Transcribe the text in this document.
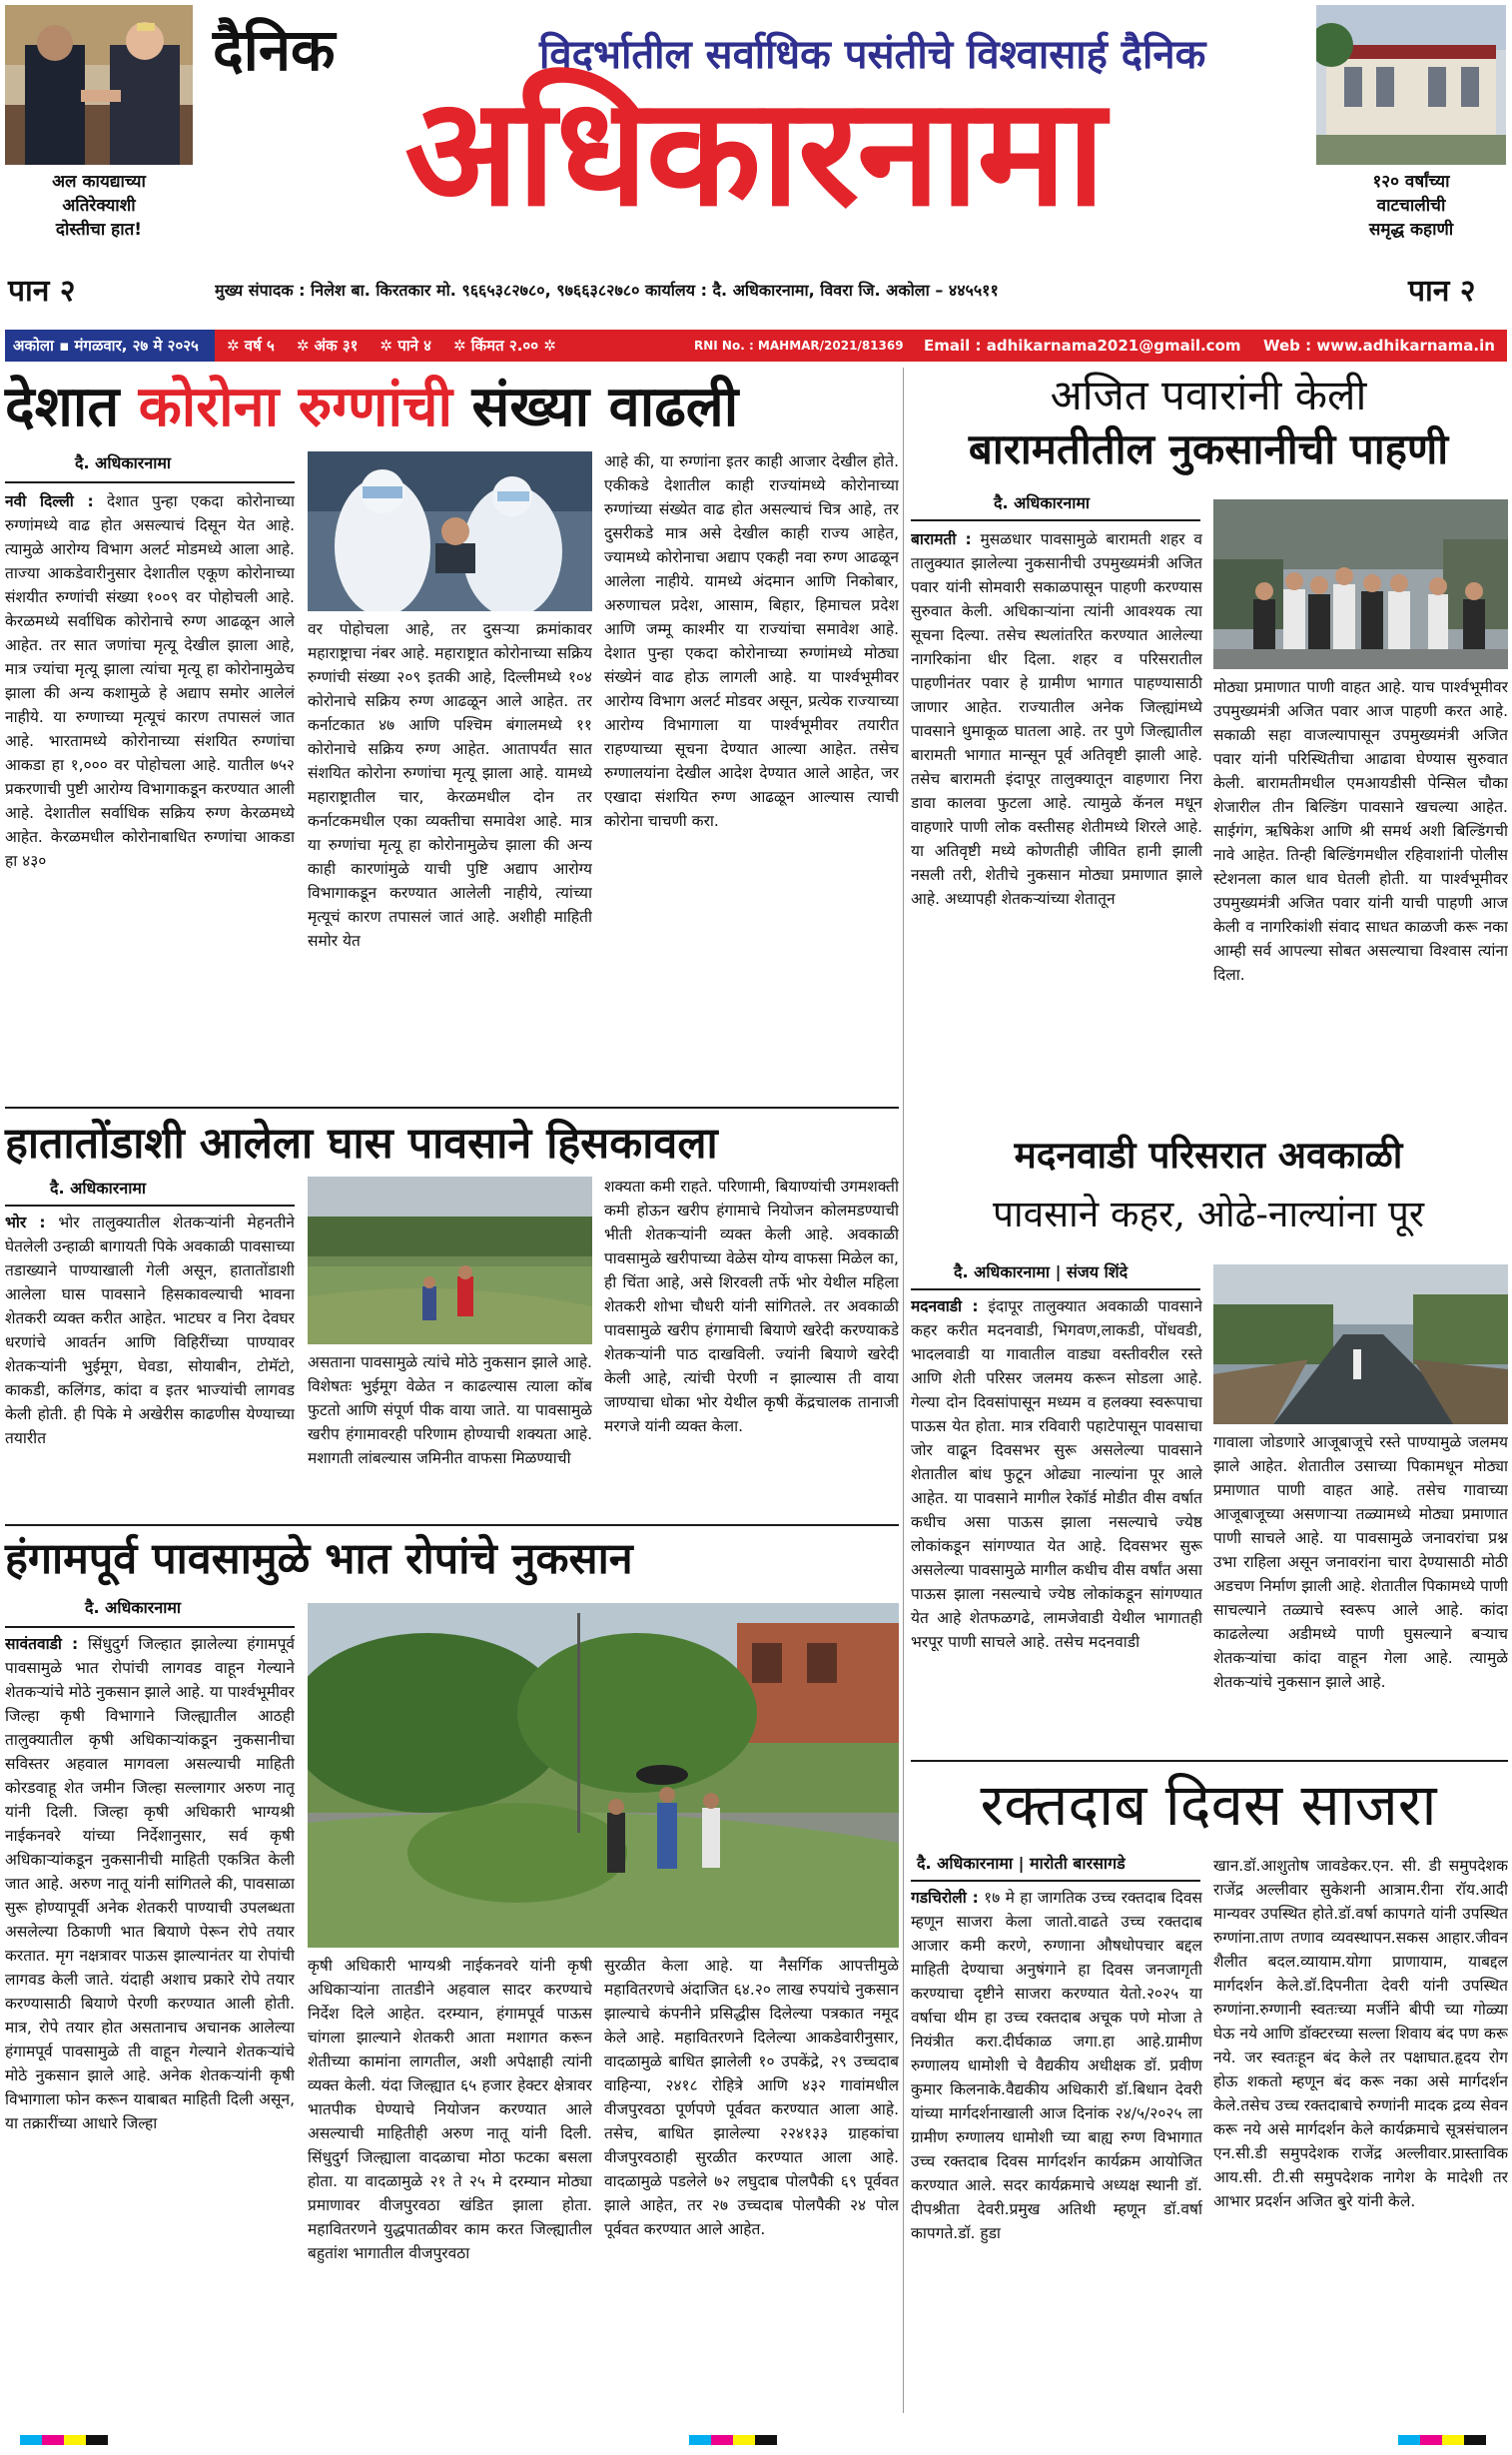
अल कायद्याच्या
अतिरेक्याशी
दोस्तीचा हात!
दैनिक	विदर्भातील सर्वाधिक पसंतीचे विश्वासार्ह दैनिक
अधिकारनामा	१२० वर्षांच्या
वाटचालीची
समृद्ध कहाणी
पान २	मुख्य संपादक : निलेश बा. किरतकार मो. ९६६५३८२७८०, ९७६६३८२७८० कार्यालय : दै. अधिकारनामा, विवरा जि. अकोला – ४४५५११	पान २
अकोला ▪ मंगळवार, २७ मे २०२५	✲ वर्ष ५ ✲ अंक ३१ ✲ पाने ४ ✲ किंमत २.०० ✲	RNI No. : MAHMAR/2021/81369 Email : adhikarnama2021@gmail.com Web : www.adhikarnama.in
देशात कोरोना रुग्णांची संख्या वाढली
दै. अधिकारनामा

नवी दिल्ली : देशात पुन्हा एकदा कोरोनाच्या रुग्णांमध्ये वाढ होत असल्याचं दिसून येत आहे. त्यामुळे आरोग्य विभाग अलर्ट मोडमध्ये आला आहे. ताज्या आकडेवारीनुसार देशातील एकूण कोरोनाच्या संशयीत रुग्णांची संख्या १००९ वर पोहोचली आहे. केरळमध्ये सर्वाधिक कोरोनाचे रुग्ण आढळून आले आहेत. तर सात जणांचा मृत्यू देखील झाला आहे, मात्र ज्यांचा मृत्यू झाला त्यांचा मृत्यू हा कोरोनामुळेच झाला की अन्य कशामुळे हे अद्याप समोर आलेलं नाहीये. या रुग्णाच्या मृत्यूचं कारण तपासलं जात आहे. भारतामध्ये कोरोनाच्या संशयित रुग्णांचा आकडा हा १,००० वर पोहोचला आहे. यातील ७५२ प्रकरणाची पुष्टी आरोग्य विभागाकडून करण्यात आली आहे. देशातील सर्वाधिक सक्रिय रुग्ण केरळमध्ये आहेत. केरळमधील कोरोनाबाधित रुग्णांचा आकडा हा ४३०

वर पोहोचला आहे, तर दुसऱ्या क्रमांकावर महाराष्ट्राचा नंबर आहे. महाराष्ट्रात कोरोनाच्या सक्रिय रुग्णांची संख्या २०९ इतकी आहे, दिल्लीमध्ये १०४ कोरोनाचे सक्रिय रुग्ण आढळून आले आहेत. तर कर्नाटकात ४७ आणि पश्चिम बंगालमध्ये ११ कोरोनाचे सक्रिय रुग्ण आहेत. आतापर्यंत सात संशयित कोरोना रुग्णांचा मृत्यू झाला आहे. यामध्ये महाराष्ट्रातील चार, केरळमधील दोन तर कर्नाटकमधील एका व्यक्तीचा समावेश आहे. मात्र या रुग्णांचा मृत्यू हा कोरोनामुळेच झाला की अन्य काही कारणांमुळे याची पुष्टि अद्याप आरोग्य विभागाकडून करण्यात आलेली नाहीये, त्यांच्या मृत्यूचं कारण तपासलं जातं आहे. अशीही माहिती समोर येत
आहे की, या रुग्णांना इतर काही आजार देखील होते. एकीकडे देशातील काही राज्यांमध्ये कोरोनाच्या रुग्णांच्या संख्येत वाढ होत असल्याचं चित्र आहे, तर दुसरीकडे मात्र असे देखील काही राज्य आहेत, ज्यामध्ये कोरोनाचा अद्याप एकही नवा रुग्ण आढळून आलेला नाहीये. यामध्ये अंदमान आणि निकोबार, अरुणाचल प्रदेश, आसाम, बिहार, हिमाचल प्रदेश आणि जम्मू काश्मीर या राज्यांचा समावेश आहे. देशात पुन्हा एकदा कोरोनाच्या रुग्णांमध्ये मोठ्या संख्येनं वाढ होऊ लागली आहे. या पार्श्वभूमीवर आरोग्य विभाग अलर्ट मोडवर असून, प्रत्येक राज्याच्या आरोग्य विभागाला या पार्श्वभूमीवर तयारीत राहण्याच्या सूचना देण्यात आल्या आहेत. तसेच रुग्णालयांना देखील आदेश देण्यात आले आहेत, जर एखादा संशयित रुग्ण आढळून आल्यास त्याची कोरोना चाचणी करा.
अजित पवारांनी केली
बारामतीतील नुकसानीची पाहणी
दै. अधिकारनामा

बारामती : मुसळधार पावसामुळे बारामती शहर व तालुक्यात झालेल्या नुकसानीची उपमुख्यमंत्री अजित पवार यांनी सोमवारी सकाळपासून पाहणी करण्यास सुरुवात केली. अधिकाऱ्यांना त्यांनी आवश्यक त्या सूचना दिल्या. तसेच स्थलांतरित करण्यात आलेल्या नागरिकांना धीर दिला. शहर व परिसरातील पाहणीनंतर पवार हे ग्रामीण भागात पाहण्यासाठी जाणार आहेत. राज्यातील अनेक जिल्ह्यांमध्ये पावसाने धुमाकूळ घातला आहे. तर पुणे जिल्ह्यातील बारामती भागात मान्सून पूर्व अतिवृष्टी झाली आहे. तसेच बारामती इंदापूर तालुक्यातून वाहणारा निरा डावा कालवा फुटला आहे. त्यामुळे कॅनल मधून वाहणारे पाणी लोक वस्तीसह शेतीमध्ये शिरले आहे. या अतिवृष्टी मध्ये कोणतीही जीवित हानी झाली नसली तरी, शेतीचे नुकसान मोठ्या प्रमाणात झाले आहे. अध्यापही शेतकऱ्यांच्या शेतातून

मोठ्या प्रमाणात पाणी वाहत आहे. याच पार्श्वभूमीवर उपमुख्यमंत्री अजित पवार आज पाहणी करत आहे. सकाळी सहा वाजल्यापासून उपमुख्यमंत्री अजित पवार यांनी परिस्थितीचा आढावा घेण्यास सुरुवात केली. बारामतीमधील एमआयडीसी पेन्सिल चौका शेजारील तीन बिल्डिंग पावसाने खचल्या आहेत. साईगंग, ऋषिकेश आणि श्री समर्थ अशी बिल्डिंगची नावे आहेत. तिन्ही बिल्डिंगमधील रहिवाशांनी पोलीस स्टेशनला काल धाव घेतली होती. या पार्श्वभूमीवर उपमुख्यमंत्री अजित पवार यांनी याची पाहणी आज केली व नागरिकांशी संवाद साधत काळजी करू नका आम्ही सर्व आपल्या सोबत असल्याचा विश्वास त्यांना दिला.
हातातोंडाशी आलेला घास पावसाने हिसकावला
दै. अधिकारनामा

भोर : भोर तालुक्यातील शेतकऱ्यांनी मेहनतीने घेतलेली उन्हाळी बागायती पिके अवकाळी पावसाच्या तडाख्याने पाण्याखाली गेली असून, हातातोंडाशी आलेला घास पावसाने हिसकावल्याची भावना शेतकरी व्यक्त करीत आहेत. भाटघर व निरा देवघर धरणांचे आवर्तन आणि विहिरींच्या पाण्यावर शेतकऱ्यांनी भुईमूग, घेवडा, सोयाबीन, टोमॅटो, काकडी, कलिंगड, कांदा व इतर भाज्यांची लागवड केली होती. ही पिके मे अखेरीस काढणीस येण्याच्या तयारीत

असताना पावसामुळे त्यांचे मोठे नुकसान झाले आहे. विशेषतः भुईमूग वेळेत न काढल्यास त्याला कोंब फुटतो आणि संपूर्ण पीक वाया जाते. या पावसामुळे खरीप हंगामावरही परिणाम होण्याची शक्यता आहे. मशागती लांबल्यास जमिनीत वाफसा मिळण्याची
शक्यता कमी राहते. परिणामी, बियाण्यांची उगमशक्ती कमी होऊन खरीप हंगामाचे नियोजन कोलमडण्याची भीती शेतकऱ्यांनी व्यक्त केली आहे. अवकाळी पावसामुळे खरीपाच्या वेळेस योग्य वाफसा मिळेल का, ही चिंता आहे, असे शिरवली तर्फे भोर येथील महिला शेतकरी शोभा चौधरी यांनी सांगितले. तर अवकाळी पावसामुळे खरीप हंगामाची बियाणे खरेदी करण्याकडे शेतकऱ्यांनी पाठ दाखविली. ज्यांनी बियाणे खरेदी केली आहे, त्यांची पेरणी न झाल्यास ती वाया जाण्याचा धोका भोर येथील कृषी केंद्रचालक तानाजी मरगजे यांनी व्यक्त केला.
मदनवाडी परिसरात अवकाळी
पावसाने कहर, ओढे-नाल्यांना पूर
दै. अधिकारनामा | संजय शिंदे

मदनवाडी : इंदापूर तालुक्यात अवकाळी पावसाने कहर करीत मदनवाडी, भिगवण,लाकडी, पोंधवडी, भादलवाडी या गावातील वाड्या वस्तीवरील रस्ते आणि शेती परिसर जलमय करून सोडला आहे. गेल्या दोन दिवसांपासून मध्यम व हलक्या स्वरूपाचा पाऊस येत होता. मात्र रविवारी पहाटेपासून पावसाचा जोर वाढून दिवसभर सुरू असलेल्या पावसाने शेतातील बांध फुटून ओढ्या नाल्यांना पूर आले आहेत. या पावसाने मागील रेकॉर्ड मोडीत वीस वर्षात कधीच असा पाऊस झाला नसल्याचे ज्येष्ठ लोकांकडून सांगण्यात येत आहे. दिवसभर सुरू असलेल्या पावसामुळे मागील कधीच वीस वर्षांत असा पाऊस झाला नसल्याचे ज्येष्ठ लोकांकडून सांगण्यात येत आहे शेतफळगढे, लामजेवाडी येथील भागातही भरपूर पाणी साचले आहे. तसेच मदनवाडी

गावाला जोडणारे आजूबाजूचे रस्ते पाण्यामुळे जलमय झाले आहेत. शेतातील उसाच्या पिकामधून मोठ्या प्रमाणात पाणी वाहत आहे. तसेच गावाच्या आजूबाजूच्या असणाऱ्या तळ्यामध्ये मोठ्या प्रमाणात पाणी साचले आहे. या पावसामुळे जनावरांचा प्रश्न उभा राहिला असून जनावरांना चारा देण्यासाठी मोठी अडचण निर्माण झाली आहे. शेतातील पिकामध्ये पाणी साचल्याने तळ्याचे स्वरूप आले आहे. कांदा काढलेल्या अडीमध्ये पाणी घुसल्याने बऱ्याच शेतकऱ्यांचा कांदा वाहून गेला आहे. त्यामुळे शेतकऱ्यांचे नुकसान झाले आहे.
हंगामपूर्व पावसामुळे भात रोपांचे नुकसान
दै. अधिकारनामा

सावंतवाडी : सिंधुदुर्ग जिल्हात झालेल्या हंगामपूर्व पावसामुळे भात रोपांची लागवड वाहून गेल्याने शेतकऱ्यांचे मोठे नुकसान झाले आहे. या पार्श्वभूमीवर जिल्हा कृषी विभागाने जिल्ह्यातील आठही तालुक्यातील कृषी अधिकाऱ्यांकडून नुकसानीचा सविस्तर अहवाल मागवला असल्याची माहिती कोरडवाहू शेत जमीन जिल्हा सल्लागार अरुण नातू यांनी दिली. जिल्हा कृषी अधिकारी भाग्यश्री नाईकनवरे यांच्या निर्देशानुसार, सर्व कृषी अधिकाऱ्यांकडून नुकसानीची माहिती एकत्रित केली जात आहे. अरुण नातू यांनी सांगितले की, पावसाळा सुरू होण्यापूर्वी अनेक शेतकरी पाण्याची उपलब्धता असलेल्या ठिकाणी भात बियाणे पेरून रोपे तयार करतात. मृग नक्षत्रावर पाऊस झाल्यानंतर या रोपांची लागवड केली जाते. यंदाही अशाच प्रकारे रोपे तयार करण्यासाठी बियाणे पेरणी करण्यात आली होती. मात्र, रोपे तयार होत असतानाच अचानक आलेल्या हंगामपूर्व पावसामुळे ती वाहून गेल्याने शेतकऱ्यांचे मोठे नुकसान झाले आहे. अनेक शेतकऱ्यांनी कृषी विभागाला फोन करून याबाबत माहिती दिली असून, या तक्रारींच्या आधारे जिल्हा

कृषी अधिकारी भाग्यश्री नाईकनवरे यांनी कृषी अधिकाऱ्यांना तातडीने अहवाल सादर करण्याचे निर्देश दिले आहेत. दरम्यान, हंगामपूर्व पाऊस चांगला झाल्याने शेतकरी आता मशागत करून शेतीच्या कामांना लागतील, अशी अपेक्षाही त्यांनी व्यक्त केली. यंदा जिल्ह्यात ६५ हजार हेक्टर क्षेत्रावर भातपीक घेण्याचे नियोजन करण्यात आले असल्याची माहितीही अरुण नातू यांनी दिली. सिंधुदुर्ग जिल्ह्याला वादळाचा मोठा फटका बसला होता. या वादळामुळे २१ ते २५ मे दरम्यान मोठ्या प्रमाणावर वीजपुरवठा खंडित झाला होता. महावितरणने युद्धपातळीवर काम करत जिल्ह्यातील बहुतांश भागातील वीजपुरवठा
सुरळीत केला आहे. या नैसर्गिक आपत्तीमुळे महावितरणचे अंदाजित ६४.२० लाख रुपयांचे नुकसान झाल्याचे कंपनीने प्रसिद्धीस दिलेल्या पत्रकात नमूद केले आहे. महावितरणने दिलेल्या आकडेवारीनुसार, वादळामुळे बाधित झालेली १० उपकेंद्रे, २९ उच्चदाब वाहिन्या, २४१८ रोहित्रे आणि ४३२ गावांमधील वीजपुरवठा पूर्णपणे पूर्ववत करण्यात आला आहे. तसेच, बाधित झालेल्या २२४१३३ ग्राहकांचा वीजपुरवठाही सुरळीत करण्यात आला आहे. वादळामुळे पडलेले ७२ लघुदाब पोलपैकी ६९ पूर्ववत झाले आहेत, तर २७ उच्चदाब पोलपैकी २४ पोल पूर्ववत करण्यात आले आहेत.
रक्तदाब दिवस साजरा
दै. अधिकारनामा | मारोती बारसागडे

गडचिरोली : १७ मे हा जागतिक उच्च रक्तदाब दिवस म्हणून साजरा केला जातो.वाढते उच्च रक्तदाब आजार कमी करणे, रुग्णाना औषधोपचार बद्दल माहिती देण्याचा अनुषंगाने हा दिवस जनजागृती करण्याचा दृष्टीने साजरा करण्यात येतो.२०२५ या वर्षाचा थीम हा उच्च रक्तदाब अचूक पणे मोजा ते नियंत्रीत करा.दीर्घकाळ जगा.हा आहे.ग्रामीण रुग्णालय धामोशी चे वैद्यकीय अधीक्षक डॉ. प्रवीण कुमार किलनाके.वैद्यकीय अधिकारी डॉ.बिधान देवरी यांच्या मार्गदर्शनाखाली आज दिनांक २४/५/२०२५ ला ग्रामीण रुग्णालय धामोशी च्या बाह्य रुग्ण विभागात उच्च रक्तदाब दिवस मार्गदर्शन कार्यक्रम आयोजित करण्यात आले. सदर कार्यक्रमाचे अध्यक्ष स्थानी डॉ. दीपश्रीता देवरी.प्रमुख अतिथी म्हणून डॉ.वर्षा कापगते.डॉ. हुडा

खान.डॉ.आशुतोष जावडेकर.एन. सी. डी समुपदेशक राजेंद्र अल्लीवार सुकेशनी आत्राम.रीना रॉय.आदी मान्यवर उपस्थित होते.डॉ.वर्षा कापगते यांनी उपस्थित रुग्णांना.ताण तणाव व्यवस्थापन.सकस आहार.जीवन शैलीत बदल.व्यायाम.योगा प्राणायाम, याबद्दल मार्गदर्शन केले.डॉ.दिपनीता देवरी यांनी उपस्थित रुग्णांना.रुग्णानी स्वतःच्या मर्जीने बीपी च्या गोळ्या घेऊ नये आणि डॉक्टरच्या सल्ला शिवाय बंद पण करू नये. जर स्वतःहून बंद केले तर पक्षाघात.हृदय रोग होऊ शकतो म्हणून बंद करू नका असे मार्गदर्शन केले.तसेच उच्च रक्तदाबाचे रुग्णांनी मादक द्रव्य सेवन करू नये असे मार्गदर्शन केले कार्यक्रमाचे सूत्रसंचालन एन.सी.डी समुपदेशक राजेंद्र अल्लीवार.प्रास्ताविक आय.सी. टी.सी समुपदेशक नागेश के मादेशी तर आभार प्रदर्शन अजित बुरे यांनी केले.
